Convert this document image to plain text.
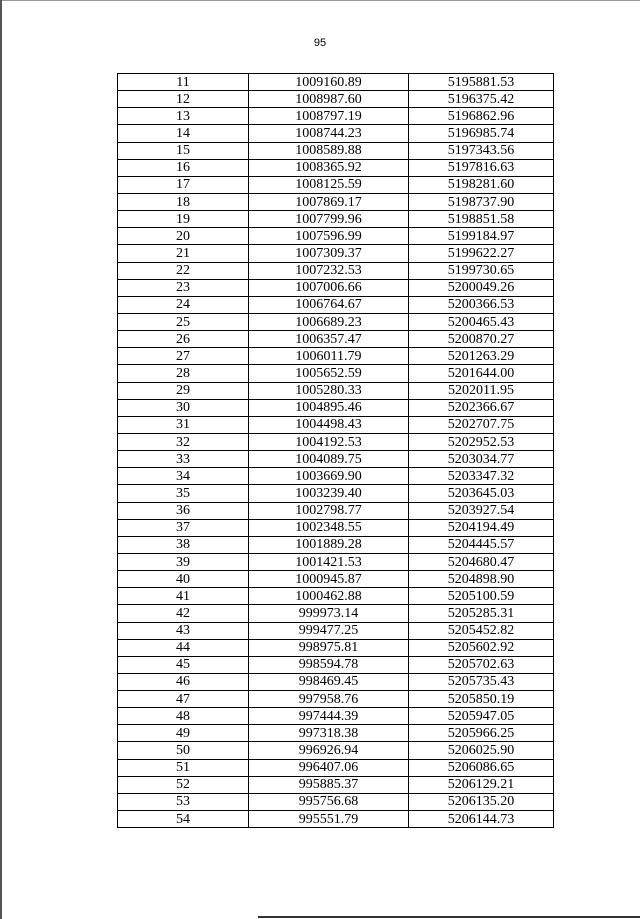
95
11	1009160.89	5195881.53
12	1008987.60	5196375.42
13	1008797.19	5196862.96
14	1008744.23	5196985.74
15	1008589.88	5197343.56
16	1008365.92	5197816.63
17	1008125.59	5198281.60
18	1007869.17	5198737.90
19	1007799.96	5198851.58
20	1007596.99	5199184.97
21	1007309.37	5199622.27
22	1007232.53	5199730.65
23	1007006.66	5200049.26
24	1006764.67	5200366.53
25	1006689.23	5200465.43
26	1006357.47	5200870.27
27	1006011.79	5201263.29
28	1005652.59	5201644.00
29	1005280.33	5202011.95
30	1004895.46	5202366.67
31	1004498.43	5202707.75
32	1004192.53	5202952.53
33	1004089.75	5203034.77
34	1003669.90	5203347.32
35	1003239.40	5203645.03
36	1002798.77	5203927.54
37	1002348.55	5204194.49
38	1001889.28	5204445.57
39	1001421.53	5204680.47
40	1000945.87	5204898.90
41	1000462.88	5205100.59
42	999973.14	5205285.31
43	999477.25	5205452.82
44	998975.81	5205602.92
45	998594.78	5205702.63
46	998469.45	5205735.43
47	997958.76	5205850.19
48	997444.39	5205947.05
49	997318.38	5205966.25
50	996926.94	5206025.90
51	996407.06	5206086.65
52	995885.37	5206129.21
53	995756.68	5206135.20
54	995551.79	5206144.73
